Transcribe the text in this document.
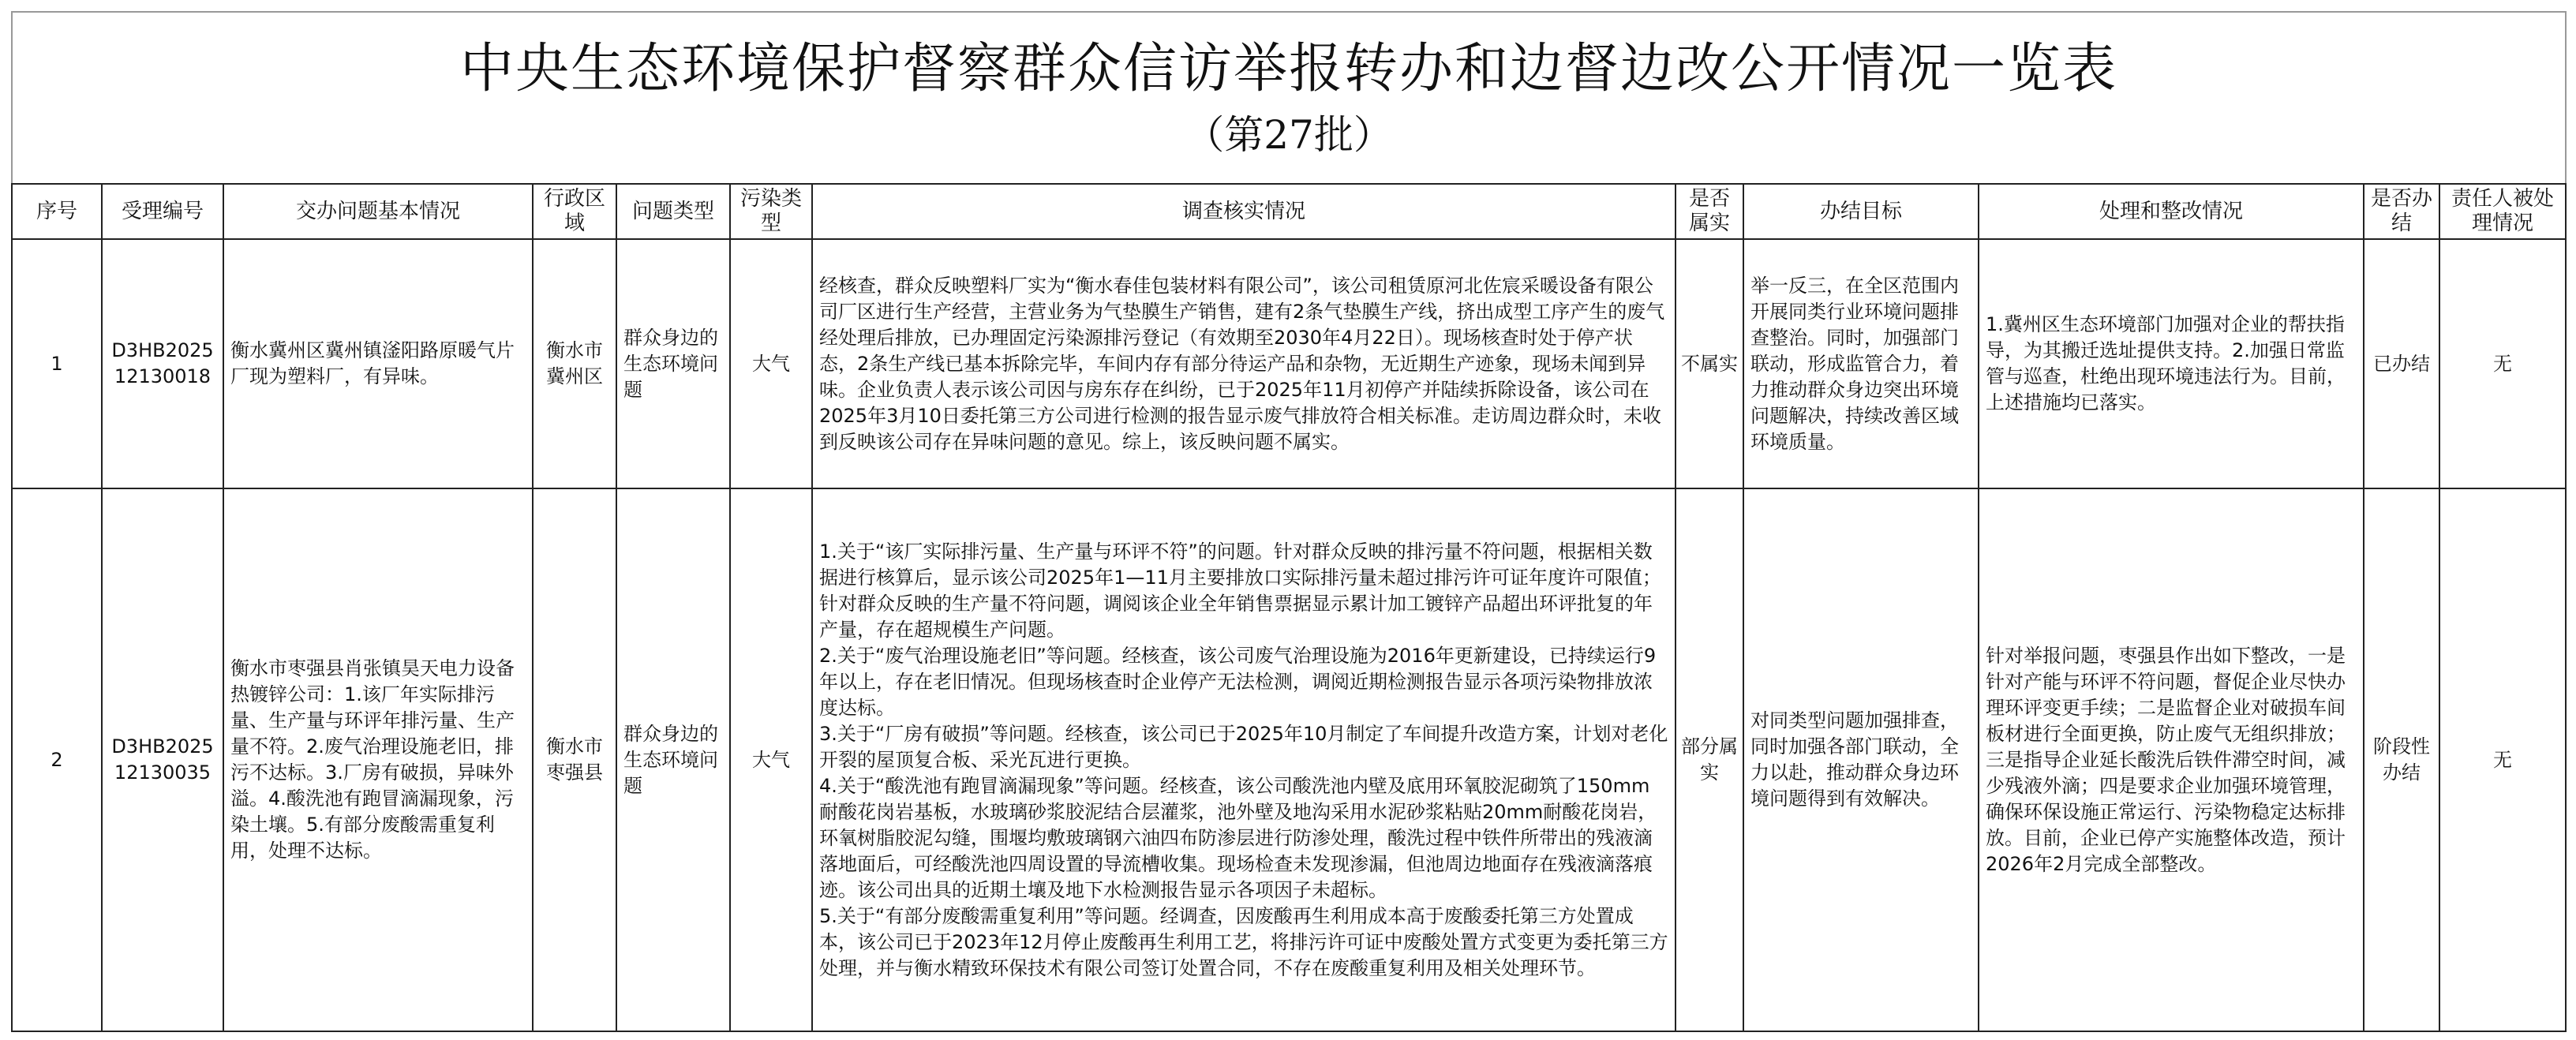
中央生态环境保护督察群众信访举报转办和边督边改公开情况一览表
（第27批）											

序号	受理编号	交办问题基本情况	行政区域	问题类型	污染类型	调查核实情况	是否属实	办结目标	处理和整改情况	是否办结	责任人被处理情况
1	D3HB202512130018	衡水冀州区冀州镇滏阳路原暖气片厂现为塑料厂，有异味。	衡水市冀州区	群众身边的生态环境问题	大气	经核查，群众反映塑料厂实为“衡水春佳包装材料有限公司”，该公司租赁原河北佐宸采暖设备有限公司厂区进行生产经营，主营业务为气垫膜生产销售，建有2条气垫膜生产线，挤出成型工序产生的废气经处理后排放，已办理固定污染源排污登记（有效期至2030年4月22日）。现场核查时处于停产状态，2条生产线已基本拆除完毕，车间内存有部分待运产品和杂物，无近期生产迹象，现场未闻到异味。企业负责人表示该公司因与房东存在纠纷，已于2025年11月初停产并陆续拆除设备，该公司在2025年3月10日委托第三方公司进行检测的报告显示废气排放符合相关标准。走访周边群众时，未收到反映该公司存在异味问题的意见。综上，该反映问题不属实。	不属实	举一反三，在全区范围内开展同类行业环境问题排查整治。同时，加强部门联动，形成监管合力，着力推动群众身边突出环境问题解决，持续改善区域环境质量。	1.冀州区生态环境部门加强对企业的帮扶指导，为其搬迁选址提供支持。2.加强日常监管与巡查，杜绝出现环境违法行为。目前，上述措施均已落实。	已办结	无
2	D3HB202512130035	衡水市枣强县肖张镇昊天电力设备热镀锌公司：1.该厂年实际排污量、生产量与环评年排污量、生产量不符。2.废气治理设施老旧，排污不达标。3.厂房有破损，异味外溢。4.酸洗池有跑冒滴漏现象，污染土壤。5.有部分废酸需重复利用，处理不达标。	衡水市枣强县	群众身边的生态环境问题	大气	1.关于“该厂实际排污量、生产量与环评不符”的问题。针对群众反映的排污量不符问题，根据相关数据进行核算后，显示该公司2025年1—11月主要排放口实际排污量未超过排污许可证年度许可限值；针对群众反映的生产量不符问题，调阅该企业全年销售票据显示累计加工镀锌产品超出环评批复的年产量，存在超规模生产问题。

2.关于“废气治理设施老旧”等问题。经核查，该公司废气治理设施为2016年更新建设，已持续运行9年以上，存在老旧情况。但现场核查时企业停产无法检测，调阅近期检测报告显示各项污染物排放浓度达标。

3.关于“厂房有破损”等问题。经核查，该公司已于2025年10月制定了车间提升改造方案，计划对老化开裂的屋顶复合板、采光瓦进行更换。

4.关于“酸洗池有跑冒滴漏现象”等问题。经核查，该公司酸洗池内壁及底用环氧胶泥砌筑了150mm耐酸花岗岩基板，水玻璃砂浆胶泥结合层灌浆，池外壁及地沟采用水泥砂浆粘贴20mm耐酸花岗岩，环氧树脂胶泥勾缝，围堰均敷玻璃钢六油四布防渗层进行防渗处理，酸洗过程中铁件所带出的残液滴落地面后，可经酸洗池四周设置的导流槽收集。现场检查未发现渗漏，但池周边地面存在残液滴落痕迹。该公司出具的近期土壤及地下水检测报告显示各项因子未超标。

5.关于“有部分废酸需重复利用”等问题。经调查，因废酸再生利用成本高于废酸委托第三方处置成本，该公司已于2023年12月停止废酸再生利用工艺，将排污许可证中废酸处置方式变更为委托第三方处理，并与衡水精致环保技术有限公司签订处置合同，不存在废酸重复利用及相关处理环节。	部分属实	对同类型问题加强排查，同时加强各部门联动，全力以赴，推动群众身边环境问题得到有效解决。	针对举报问题，枣强县作出如下整改，一是针对产能与环评不符问题，督促企业尽快办理环评变更手续；二是监督企业对破损车间板材进行全面更换，防止废气无组织排放；三是指导企业延长酸洗后铁件滞空时间，减少残液外滴；四是要求企业加强环境管理，确保环保设施正常运行、污染物稳定达标排放。目前，企业已停产实施整体改造，预计2026年2月完成全部整改。	阶段性办结	无
